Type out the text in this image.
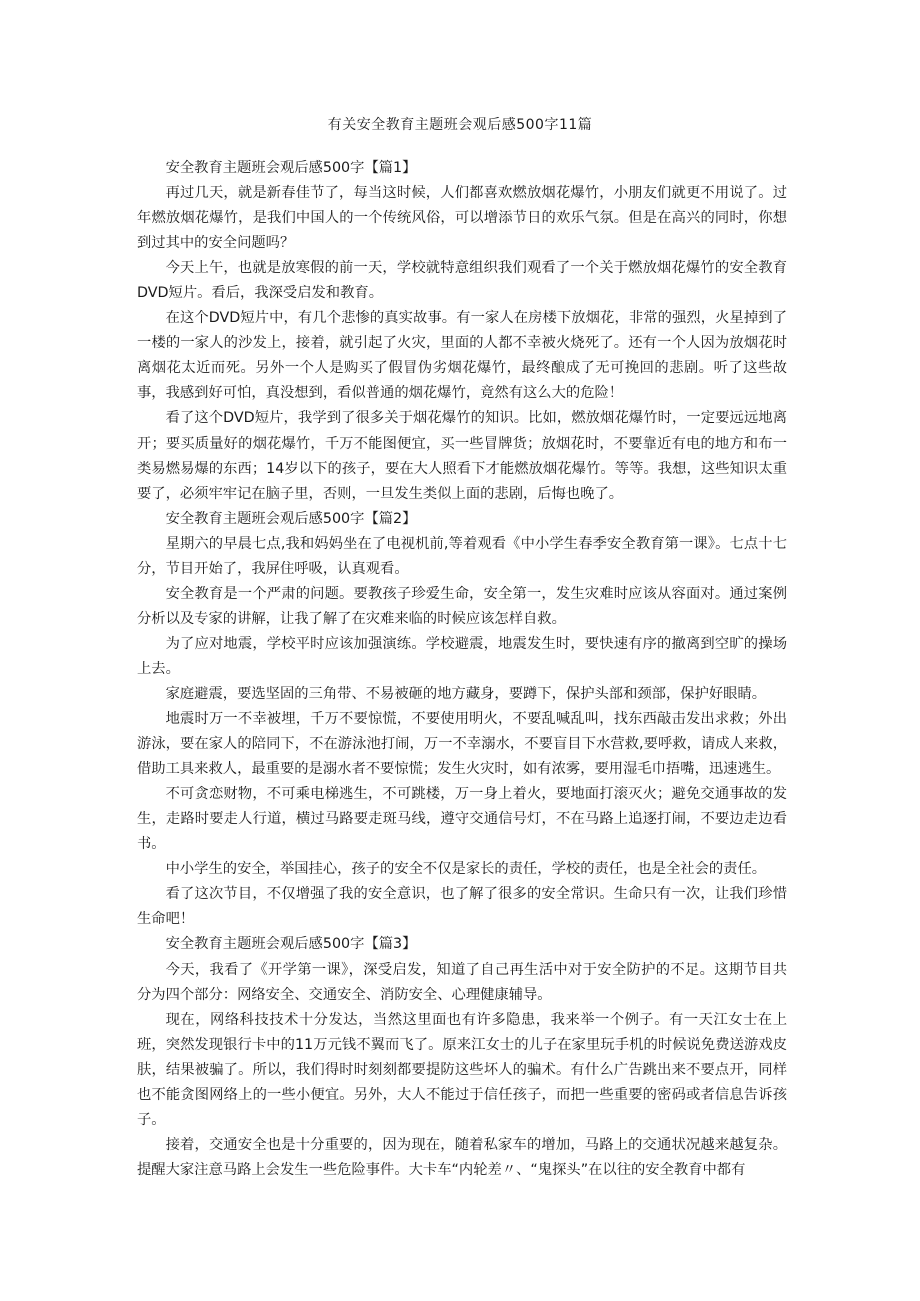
有关安全教育主题班会观后感500字11篇

安全教育主题班会观后感500字【篇1】

再过几天，就是新春佳节了，每当这时候，人们都喜欢燃放烟花爆竹，小朋友们就更不用说了。过年燃放烟花爆竹，是我们中国人的一个传统风俗，可以增添节日的欢乐气氛。但是在高兴的同时，你想到过其中的安全问题吗？

今天上午，也就是放寒假的前一天，学校就特意组织我们观看了一个关于燃放烟花爆竹的安全教育DVD短片。看后，我深受启发和教育。

在这个DVD短片中，有几个悲惨的真实故事。有一家人在房楼下放烟花，非常的强烈，火星掉到了一楼的一家人的沙发上，接着，就引起了火灾，里面的人都不幸被火烧死了。还有一个人因为放烟花时离烟花太近而死。另外一个人是购买了假冒伪劣烟花爆竹，最终酿成了无可挽回的悲剧。听了这些故事，我感到好可怕，真没想到，看似普通的烟花爆竹，竟然有这么大的危险！

看了这个DVD短片，我学到了很多关于烟花爆竹的知识。比如，燃放烟花爆竹时，一定要远远地离开；要买质量好的烟花爆竹，千万不能图便宜，买一些冒牌货；放烟花时，不要靠近有电的地方和布一类易燃易爆的东西；14岁以下的孩子，要在大人照看下才能燃放烟花爆竹。等等。我想，这些知识太重要了，必须牢牢记在脑子里，否则，一旦发生类似上面的悲剧，后悔也晚了。

安全教育主题班会观后感500字【篇2】

星期六的早晨七点,我和妈妈坐在了电视机前,等着观看《中小学生春季安全教育第一课》。七点十七分，节目开始了，我屏住呼吸，认真观看。

安全教育是一个严肃的问题。要教孩子珍爱生命，安全第一，发生灾难时应该从容面对。通过案例分析以及专家的讲解，让我了解了在灾难来临的时候应该怎样自救。

为了应对地震，学校平时应该加强演练。学校避震，地震发生时，要快速有序的撤离到空旷的操场上去。

家庭避震，要选坚固的三角带、不易被砸的地方藏身，要蹲下，保护头部和颈部，保护好眼睛。

地震时万一不幸被埋，千万不要惊慌，不要使用明火，不要乱喊乱叫，找东西敲击发出求救；外出游泳，要在家人的陪同下，不在游泳池打闹，万一不幸溺水，不要盲目下水营救,要呼救，请成人来救，借助工具来救人，最重要的是溺水者不要惊慌；发生火灾时，如有浓雾，要用湿毛巾捂嘴，迅速逃生。

不可贪恋财物，不可乘电梯逃生，不可跳楼，万一身上着火，要地面打滚灭火；避免交通事故的发生，走路时要走人行道，横过马路要走斑马线，遵守交通信号灯，不在马路上追逐打闹，不要边走边看书。

中小学生的安全，举国挂心，孩子的安全不仅是家长的责任，学校的责任，也是全社会的责任。

看了这次节目，不仅增强了我的安全意识，也了解了很多的安全常识。生命只有一次，让我们珍惜生命吧！

安全教育主题班会观后感500字【篇3】

今天，我看了《开学第一课》，深受启发，知道了自己再生活中对于安全防护的不足。这期节目共分为四个部分：网络安全、交通安全、消防安全、心理健康辅导。

现在，网络科技技术十分发达，当然这里面也有许多隐患，我来举一个例子。有一天江女士在上班，突然发现银行卡中的11万元钱不翼而飞了。原来江女士的儿子在家里玩手机的时候说免费送游戏皮肤，结果被骗了。所以，我们得时时刻刻都要提防这些坏人的骗术。有什么广告跳出来不要点开，同样也不能贪图网络上的一些小便宜。另外，大人不能过于信任孩子，而把一些重要的密码或者信息告诉孩子。

接着，交通安全也是十分重要的，因为现在，随着私家车的增加，马路上的交通状况越来越复杂。提醒大家注意马路上会发生一些危险事件。大卡车“内轮差〃、“鬼探头”在以往的安全教育中都有
